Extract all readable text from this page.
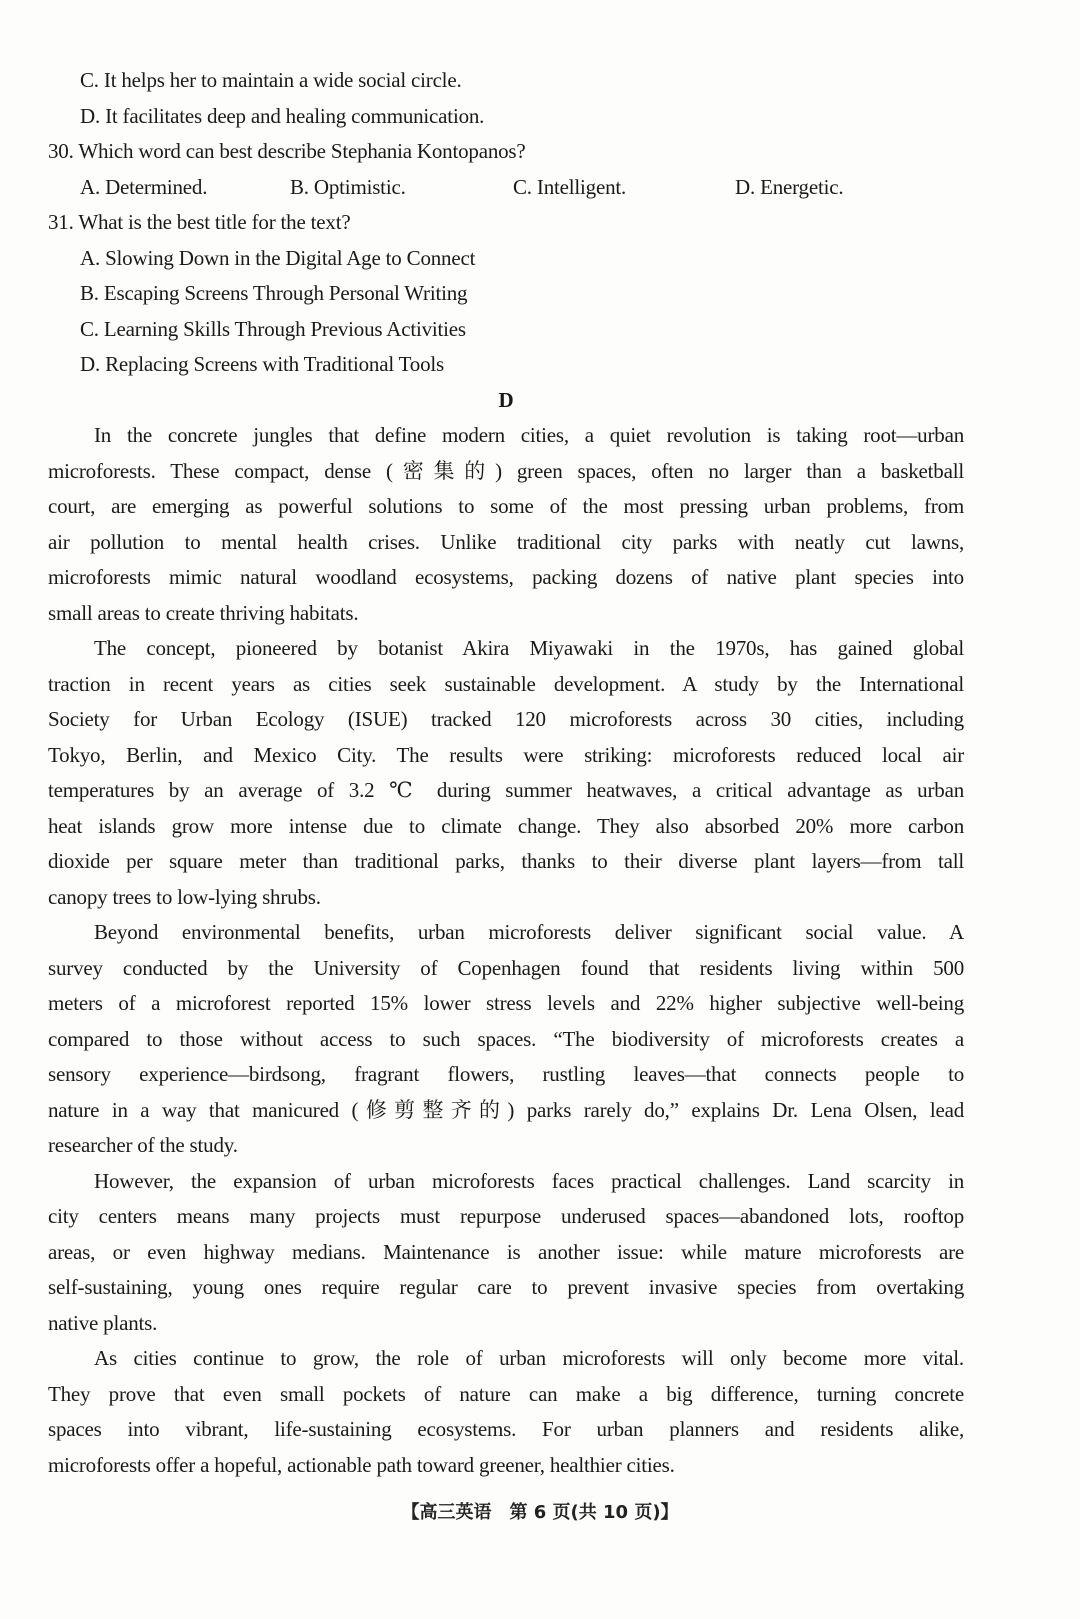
C. It helps her to maintain a wide social circle.
D. It facilitates deep and healing communication.
30. Which word can best describe Stephania Kontopanos?
A. Determined.	B. Optimistic.	C. Intelligent.	D. Energetic.
31. What is the best title for the text?
A. Slowing Down in the Digital Age to Connect
B. Escaping Screens Through Personal Writing
C. Learning Skills Through Previous Activities
D. Replacing Screens with Traditional Tools
D
In the concrete jungles that define modern cities, a quiet revolution is taking root—urban
microforests. These compact, dense (密集的) green spaces, often no larger than a basketball
court, are emerging as powerful solutions to some of the most pressing urban problems, from
air pollution to mental health crises. Unlike traditional city parks with neatly cut lawns,
microforests mimic natural woodland ecosystems, packing dozens of native plant species into
small areas to create thriving habitats.
The concept, pioneered by botanist Akira Miyawaki in the 1970s, has gained global
traction in recent years as cities seek sustainable development. A study by the International
Society for Urban Ecology (ISUE) tracked 120 microforests across 30 cities, including
Tokyo, Berlin, and Mexico City. The results were striking: microforests reduced local air
temperatures by an average of 3.2 ℃ during summer heatwaves, a critical advantage as urban
heat islands grow more intense due to climate change. They also absorbed 20% more carbon
dioxide per square meter than traditional parks, thanks to their diverse plant layers—from tall
canopy trees to low-lying shrubs.
Beyond environmental benefits, urban microforests deliver significant social value. A
survey conducted by the University of Copenhagen found that residents living within 500
meters of a microforest reported 15% lower stress levels and 22% higher subjective well-being
compared to those without access to such spaces. “The biodiversity of microforests creates a
sensory experience—birdsong, fragrant flowers, rustling leaves—that connects people to
nature in a way that manicured (修剪整齐的) parks rarely do,” explains Dr. Lena Olsen, lead
researcher of the study.
However, the expansion of urban microforests faces practical challenges. Land scarcity in
city centers means many projects must repurpose underused spaces—abandoned lots, rooftop
areas, or even highway medians. Maintenance is another issue: while mature microforests are
self-sustaining, young ones require regular care to prevent invasive species from overtaking
native plants.
As cities continue to grow, the role of urban microforests will only become more vital.
They prove that even small pockets of nature can make a big difference, turning concrete
spaces into vibrant, life-sustaining ecosystems. For urban planners and residents alike,
microforests offer a hopeful, actionable path toward greener, healthier cities.
【高三英语　第 6 页(共 10 页)】
